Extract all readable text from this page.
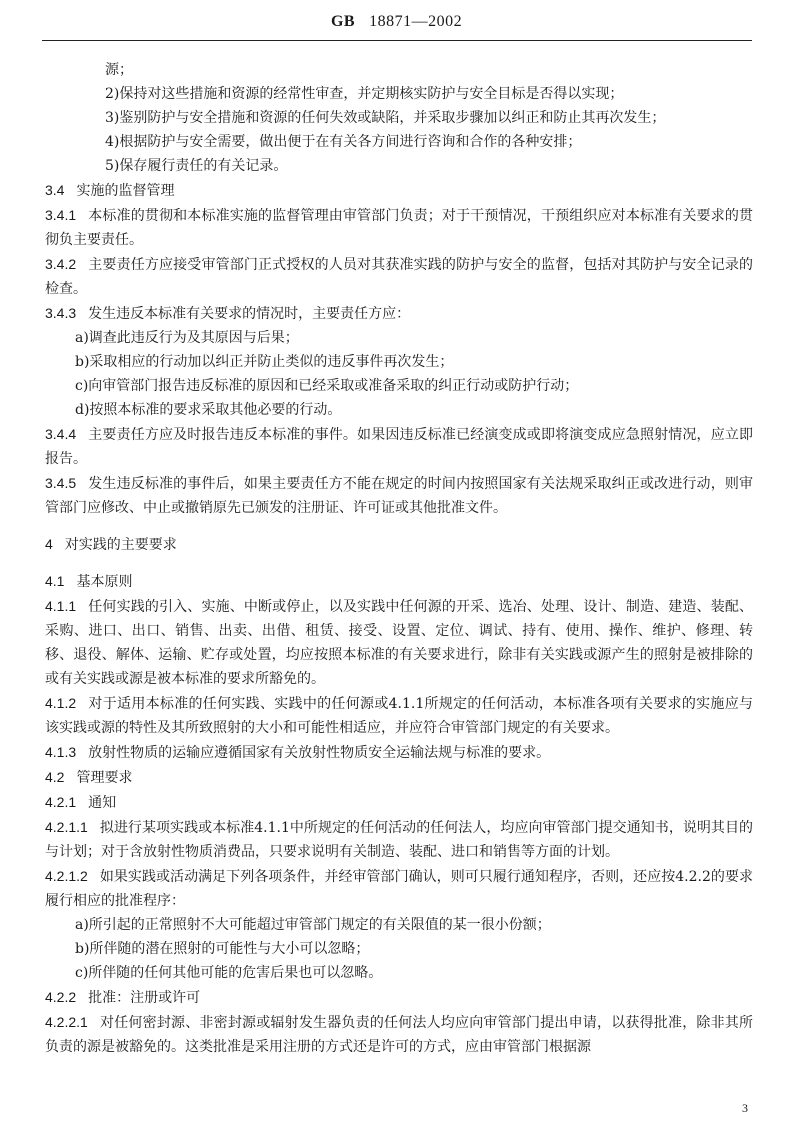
GB 18871—2002

源；

2)保持对这些措施和资源的经常性审查，并定期核实防护与安全目标是否得以实现；

3)鉴别防护与安全措施和资源的任何失效或缺陷，并采取步骤加以纠正和防止其再次发生；

4)根据防护与安全需要，做出便于在有关各方间进行咨询和合作的各种安排；

5)保存履行责任的有关记录。

3.4 实施的监督管理

3.4.1 本标准的贯彻和本标准实施的监督管理由审管部门负责；对于干预情况，干预组织应对本标准有关要求的贯彻负主要责任。

3.4.2 主要责任方应接受审管部门正式授权的人员对其获准实践的防护与安全的监督，包括对其防护与安全记录的检查。

3.4.3 发生违反本标准有关要求的情况时，主要责任方应：

a)调查此违反行为及其原因与后果；

b)采取相应的行动加以纠正并防止类似的违反事件再次发生；

c)向审管部门报告违反标准的原因和已经采取或准备采取的纠正行动或防护行动；

d)按照本标准的要求采取其他必要的行动。

3.4.4 主要责任方应及时报告违反本标准的事件。如果因违反标准已经演变成或即将演变成应急照射情况，应立即报告。

3.4.5 发生违反标准的事件后，如果主要责任方不能在规定的时间内按照国家有关法规采取纠正或改进行动，则审管部门应修改、中止或撤销原先已颁发的注册证、许可证或其他批准文件。

4 对实践的主要要求

4.1 基本原则

4.1.1 任何实践的引入、实施、中断或停止，以及实践中任何源的开采、选冶、处理、设计、制造、建造、装配、采购、进口、出口、销售、出卖、出借、租赁、接受、设置、定位、调试、持有、使用、操作、维护、修理、转移、退役、解体、运输、贮存或处置，均应按照本标准的有关要求进行，除非有关实践或源产生的照射是被排除的或有关实践或源是被本标准的要求所豁免的。

4.1.2 对于适用本标准的任何实践、实践中的任何源或4.1.1所规定的任何活动，本标准各项有关要求的实施应与该实践或源的特性及其所致照射的大小和可能性相适应，并应符合审管部门规定的有关要求。

4.1.3 放射性物质的运输应遵循国家有关放射性物质安全运输法规与标准的要求。

4.2 管理要求

4.2.1 通知

4.2.1.1 拟进行某项实践或本标准4.1.1中所规定的任何活动的任何法人，均应向审管部门提交通知书，说明其目的与计划；对于含放射性物质消费品，只要求说明有关制造、装配、进口和销售等方面的计划。

4.2.1.2 如果实践或活动满足下列各项条件，并经审管部门确认，则可只履行通知程序，否则，还应按4.2.2的要求履行相应的批准程序：

a)所引起的正常照射不大可能超过审管部门规定的有关限值的某一很小份额；

b)所伴随的潜在照射的可能性与大小可以忽略；

c)所伴随的任何其他可能的危害后果也可以忽略。

4.2.2 批准：注册或许可

4.2.2.1 对任何密封源、非密封源或辐射发生器负责的任何法人均应向审管部门提出申请，以获得批准，除非其所负责的源是被豁免的。这类批准是采用注册的方式还是许可的方式，应由审管部门根据源

3
